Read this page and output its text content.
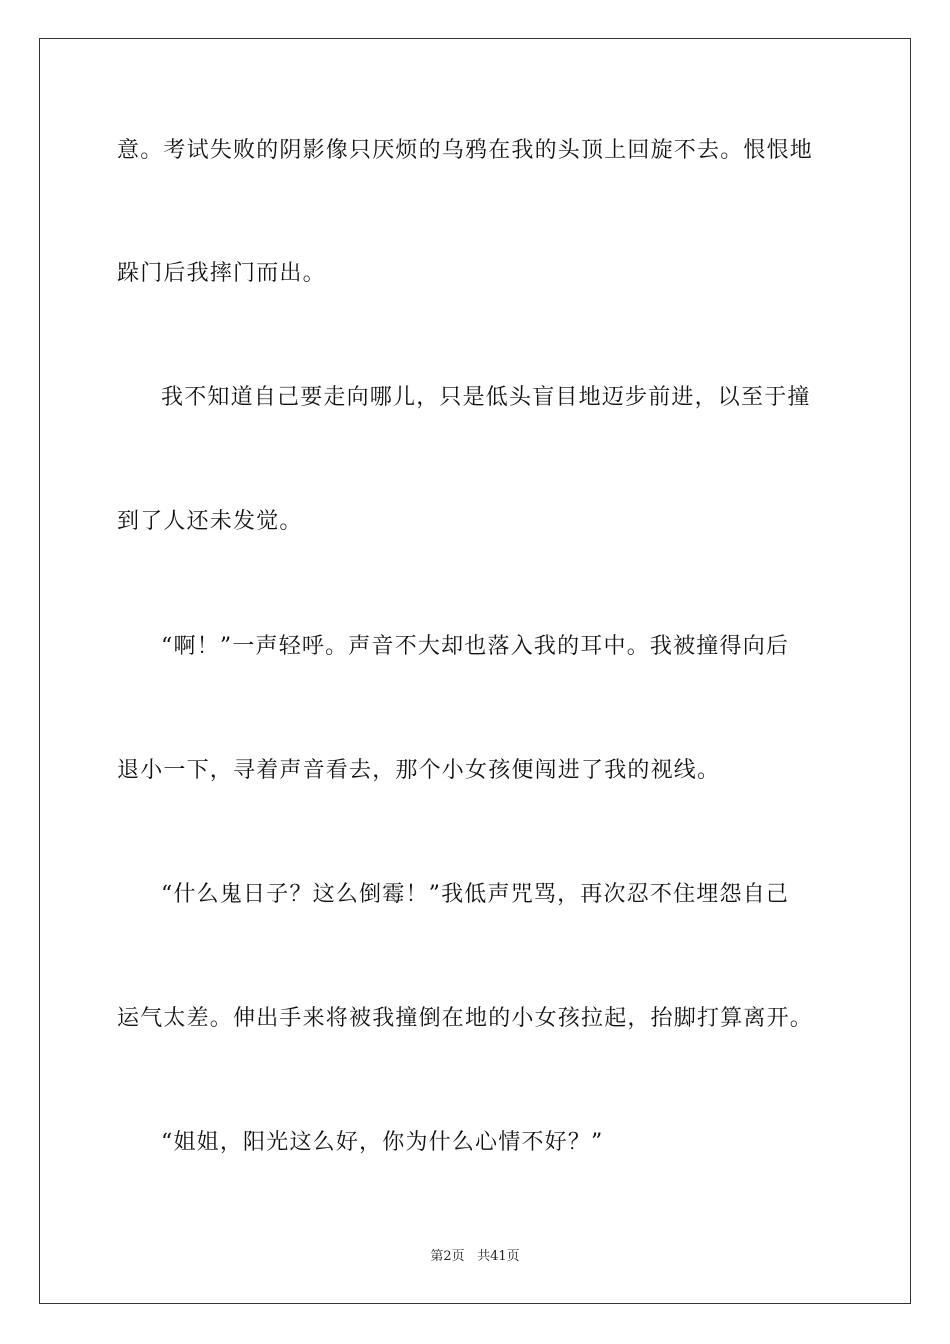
意。考试失败的阴影像只厌烦的乌鸦在我的头顶上回旋不去。恨恨地
跺门后我摔门而出。
我不知道自己要走向哪儿，只是低头盲目地迈步前进，以至于撞
到了人还未发觉。
“啊！”一声轻呼。声音不大却也落入我的耳中。我被撞得向后
退小一下，寻着声音看去，那个小女孩便闯进了我的视线。
“什么鬼日子？这么倒霉！”我低声咒骂，再次忍不住埋怨自己
运气太差。伸出手来将被我撞倒在地的小女孩拉起，抬脚打算离开。
“姐姐，阳光这么好，你为什么心情不好？”
第2页 共41页
